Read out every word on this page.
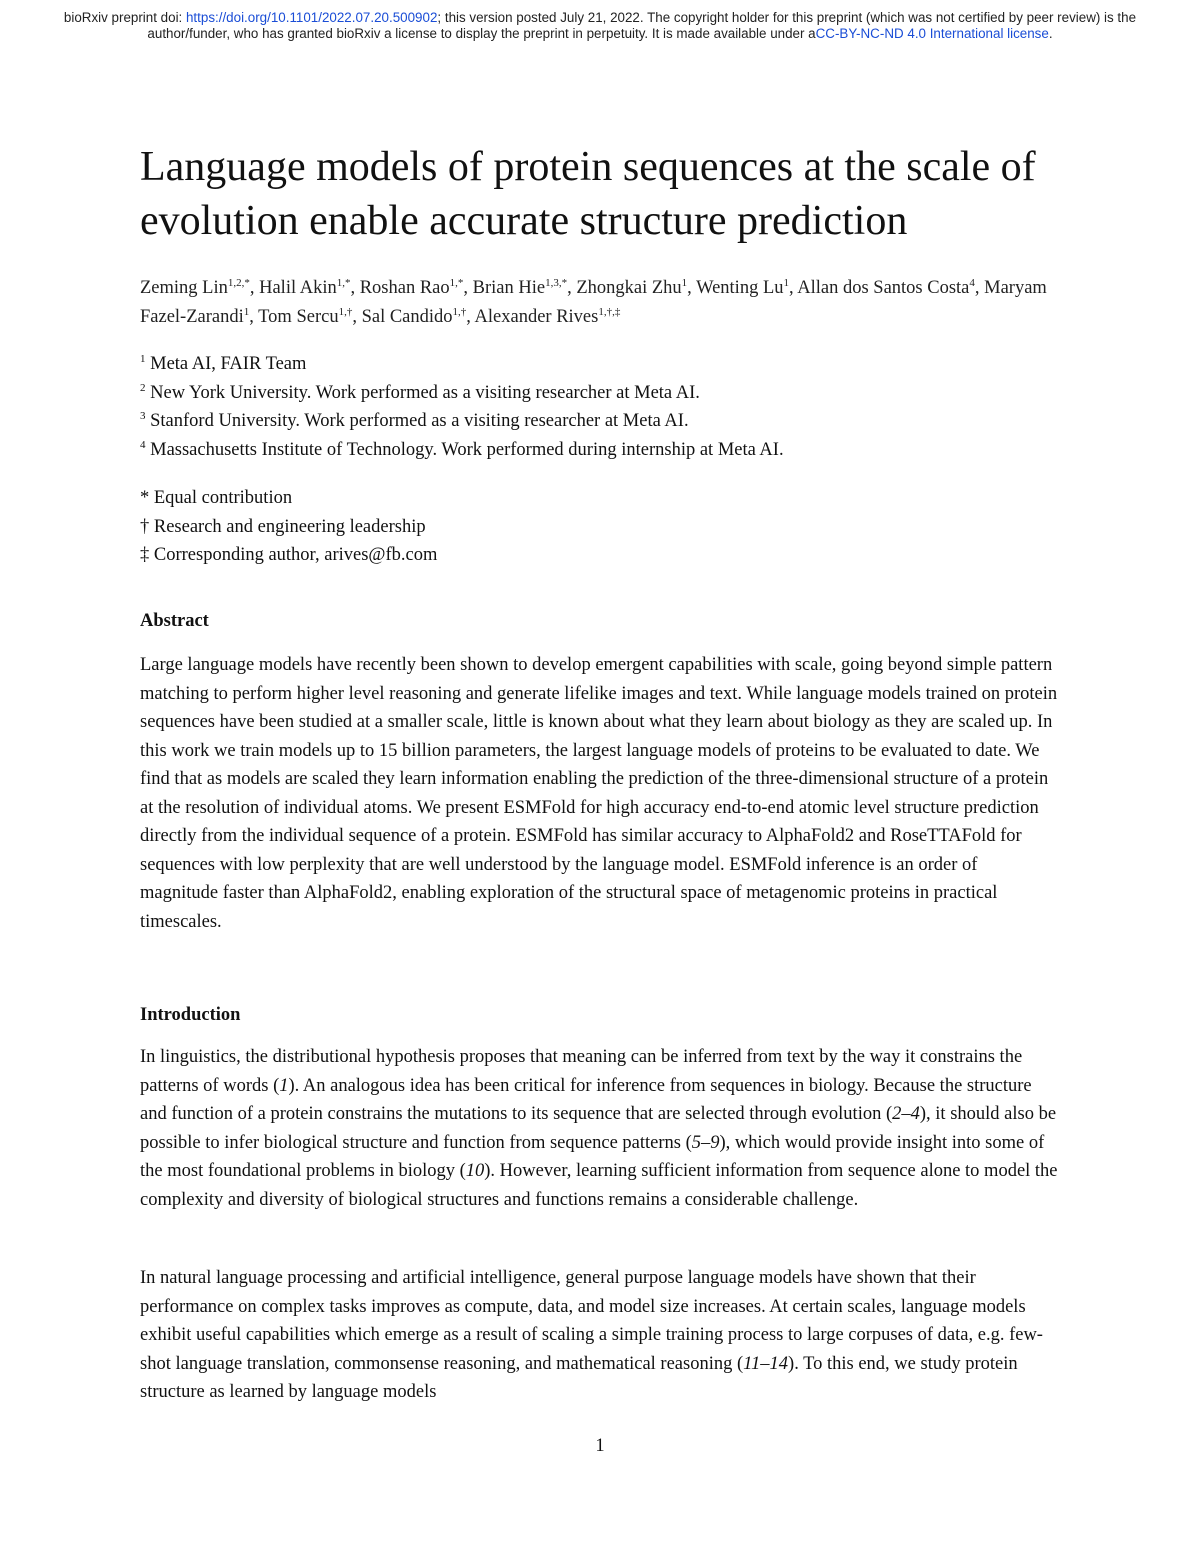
bioRxiv preprint doi: https://doi.org/10.1101/2022.07.20.500902; this version posted July 21, 2022. The copyright holder for this preprint (which was not certified by peer review) is the author/funder, who has granted bioRxiv a license to display the preprint in perpetuity. It is made available under aCC-BY-NC-ND 4.0 International license.
Language models of protein sequences at the scale of evolution enable accurate structure prediction
Zeming Lin$^{1,2,*}$, Halil Akin$^{1,*}$, Roshan Rao$^{1,*}$, Brian Hie$^{1,3,*}$, Zhongkai Zhu$^1$, Wenting Lu$^1$, Allan dos Santos Costa$^4$, Maryam Fazel-Zarandi$^1$, Tom Sercu$^{1,\dagger}$, Sal Candido$^{1,\dagger}$, Alexander Rives$^{1,\dagger,\ddagger}$
$^1$ Meta AI, FAIR Team
$^2$ New York University. Work performed as a visiting researcher at Meta AI.
$^3$ Stanford University. Work performed as a visiting researcher at Meta AI.
$^4$ Massachusetts Institute of Technology. Work performed during internship at Meta AI.
* Equal contribution
† Research and engineering leadership
‡ Corresponding author, arives@fb.com
Abstract

Large language models have recently been shown to develop emergent capabilities with scale, going beyond simple pattern matching to perform higher level reasoning and generate lifelike images and text. While language models trained on protein sequences have been studied at a smaller scale, little is known about what they learn about biology as they are scaled up. In this work we train models up to 15 billion parameters, the largest language models of proteins to be evaluated to date. We find that as models are scaled they learn information enabling the prediction of the three-dimensional structure of a protein at the resolution of individual atoms. We present ESMFold for high accuracy end-to-end atomic level structure prediction directly from the individual sequence of a protein. ESMFold has similar accuracy to AlphaFold2 and RoseTTAFold for sequences with low perplexity that are well understood by the language model. ESMFold inference is an order of magnitude faster than AlphaFold2, enabling exploration of the structural space of metagenomic proteins in practical timescales.

Introduction

In linguistics, the distributional hypothesis proposes that meaning can be inferred from text by the way it constrains the patterns of words (1). An analogous idea has been critical for inference from sequences in biology. Because the structure and function of a protein constrains the mutations to its sequence that are selected through evolution (2–4), it should also be possible to infer biological structure and function from sequence patterns (5–9), which would provide insight into some of the most foundational problems in biology (10). However, learning sufficient information from sequence alone to model the complexity and diversity of biological structures and functions remains a considerable challenge.

In natural language processing and artificial intelligence, general purpose language models have shown that their performance on complex tasks improves as compute, data, and model size increases. At certain scales, language models exhibit useful capabilities which emerge as a result of scaling a simple training process to large corpuses of data, e.g. few-shot language translation, commonsense reasoning, and mathematical reasoning (11–14). To this end, we study protein structure as learned by language models

1
